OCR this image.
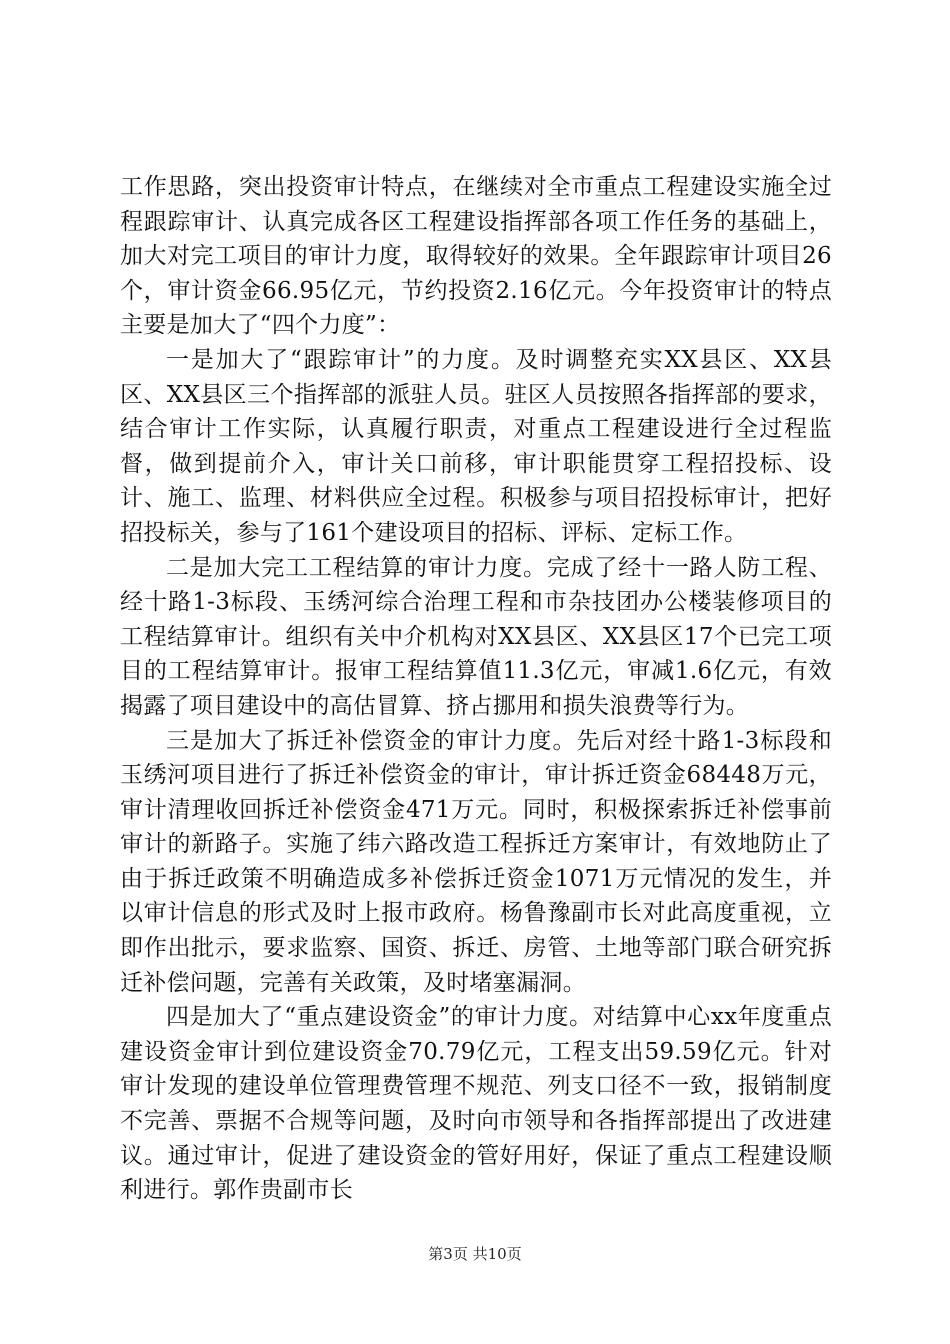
工作思路，突出投资审计特点，在继续对全市重点工程建设实施全过程跟踪审计、认真完成各区工程建设指挥部各项工作任务的基础上，加大对完工项目的审计力度，取得较好的效果。全年跟踪审计项目26个，审计资金66.95亿元，节约投资2.16亿元。今年投资审计的特点主要是加大了“四个力度”：

一是加大了“跟踪审计”的力度。及时调整充实XX县区、XX县区、XX县区三个指挥部的派驻人员。驻区人员按照各指挥部的要求，结合审计工作实际，认真履行职责，对重点工程建设进行全过程监督，做到提前介入，审计关口前移，审计职能贯穿工程招投标、设计、施工、监理、材料供应全过程。积极参与项目招投标审计，把好招投标关，参与了161个建设项目的招标、评标、定标工作。

二是加大完工工程结算的审计力度。完成了经十一路人防工程、经十路1-3标段、玉绣河综合治理工程和市杂技团办公楼装修项目的工程结算审计。组织有关中介机构对XX县区、XX县区17个已完工项目的工程结算审计。报审工程结算值11.3亿元，审减1.6亿元，有效揭露了项目建设中的高估冒算、挤占挪用和损失浪费等行为。

三是加大了拆迁补偿资金的审计力度。先后对经十路1-3标段和玉绣河项目进行了拆迁补偿资金的审计，审计拆迁资金68448万元，审计清理收回拆迁补偿资金471万元。同时，积极探索拆迁补偿事前审计的新路子。实施了纬六路改造工程拆迁方案审计，有效地防止了由于拆迁政策不明确造成多补偿拆迁资金1071万元情况的发生，并以审计信息的形式及时上报市政府。杨鲁豫副市长对此高度重视，立即作出批示，要求监察、国资、拆迁、房管、土地等部门联合研究拆迁补偿问题，完善有关政策，及时堵塞漏洞。

四是加大了“重点建设资金”的审计力度。对结算中心xx年度重点建设资金审计到位建设资金70.79亿元，工程支出59.59亿元。针对审计发现的建设单位管理费管理不规范、列支口径不一致，报销制度不完善、票据不合规等问题，及时向市领导和各指挥部提出了改进建议。通过审计，促进了建设资金的管好用好，保证了重点工程建设顺利进行。郭作贵副市长

第3页 共10页
